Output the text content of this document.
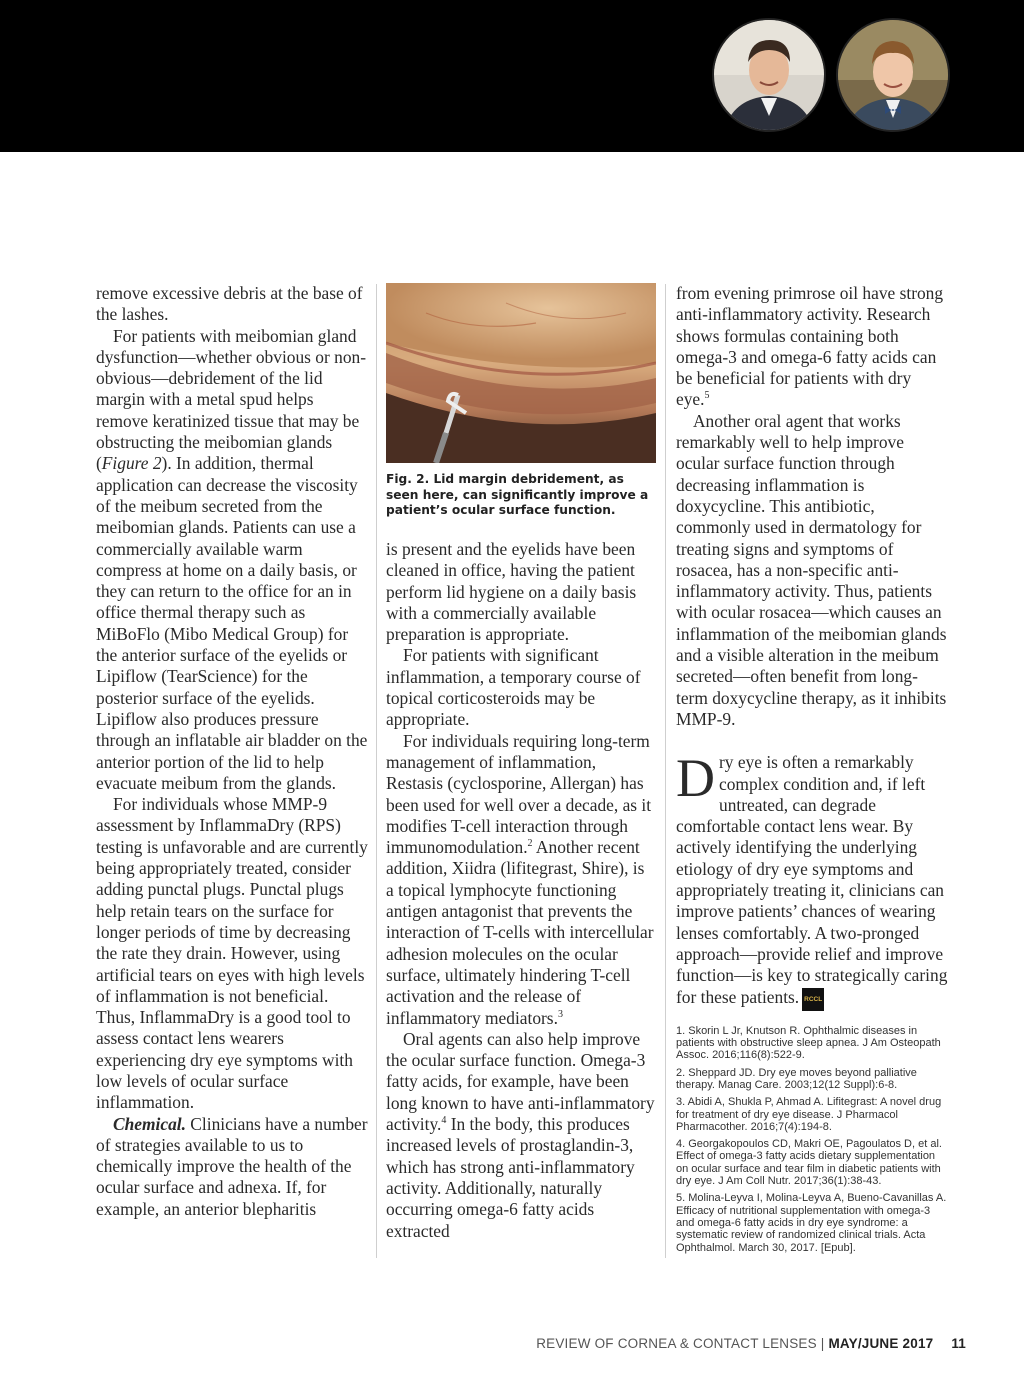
remove excessive debris at the base of the lashes.

For patients with meibomian gland dysfunction—whether obvious or non-obvious—debridement of the lid margin with a metal spud helps remove keratinized tissue that may be obstructing the meibomian glands (Figure 2). In addition, thermal application can decrease the viscosity of the meibum secreted from the meibomian glands. Patients can use a commercially available warm compress at home on a daily basis, or they can return to the office for an in office thermal therapy such as MiBoFlo (Mibo Medical Group) for the anterior surface of the eyelids or Lipiflow (TearScience) for the posterior surface of the eyelids. Lipiflow also produces pressure through an inflatable air bladder on the anterior portion of the lid to help evacuate meibum from the glands.

For individuals whose MMP-9 assessment by InflammaDry (RPS) testing is unfavorable and are currently being appropriately treated, consider adding punctal plugs. Punctal plugs help retain tears on the surface for longer periods of time by decreasing the rate they drain. However, using artificial tears on eyes with high levels of inflammation is not beneficial. Thus, InflammaDry is a good tool to assess contact lens wearers experiencing dry eye symptoms with low levels of ocular surface inflammation.

Chemical. Clinicians have a number of strategies available to us to chemically improve the health of the ocular surface and adnexa. If, for example, an anterior blepharitis

Fig. 2. Lid margin debridement, as seen here, can significantly improve a patient’s ocular surface function.

is present and the eyelids have been cleaned in office, having the patient perform lid hygiene on a daily basis with a commercially available preparation is appropriate.

For patients with significant inflammation, a temporary course of topical corticosteroids may be appropriate.

For individuals requiring long-term management of inflammation, Restasis (cyclosporine, Allergan) has been used for well over a decade, as it modifies T-cell interaction through immunomodulation.$^2$ Another recent addition, Xiidra (lifitegrast, Shire), is a topical lymphocyte functioning antigen antagonist that prevents the interaction of T-cells with intercellular adhesion molecules on the ocular surface, ultimately hindering T-cell activation and the release of inflammatory mediators.$^3$

Oral agents can also help improve the ocular surface function. Omega-3 fatty acids, for example, have been long known to have anti-inflammatory activity.$^4$ In the body, this produces increased levels of prostaglandin-3, which has strong anti-inflammatory activity. Additionally, naturally occurring omega-6 fatty acids extracted

from evening primrose oil have strong anti-inflammatory activity. Research shows formulas containing both omega-3 and omega-6 fatty acids can be beneficial for patients with dry eye.$^5$

Another oral agent that works remarkably well to help improve ocular surface function through decreasing inflammation is doxycycline. This antibiotic, commonly used in dermatology for treating signs and symptoms of rosacea, has a non-specific anti-inflammatory activity. Thus, patients with ocular rosacea—which causes an inflammation of the meibomian glands and a visible alteration in the meibum secreted—often benefit from long-term doxycycline therapy, as it inhibits MMP-9.

Dry eye is often a remarkably complex condition and, if left untreated, can degrade comfortable contact lens wear. By actively identifying the underlying etiology of dry eye symptoms and appropriately treating it, clinicians can improve patients’ chances of wearing lenses comfortably. A two-pronged approach—provide relief and improve function—is key to strategically caring for these patients. RCCL

1. Skorin L Jr, Knutson R. Ophthalmic diseases in patients with obstructive sleep apnea. J Am Osteopath Assoc. 2016;116(8):522-9.
2. Sheppard JD. Dry eye moves beyond palliative therapy. Manag Care. 2003;12(12 Suppl):6-8.
3. Abidi A, Shukla P, Ahmad A. Lifitegrast: A novel drug for treatment of dry eye disease. J Pharmacol Pharmacother. 2016;7(4):194-8.
4. Georgakopoulos CD, Makri OE, Pagoulatos D, et al. Effect of omega-3 fatty acids dietary supplementation on ocular surface and tear film in diabetic patients with dry eye. J Am Coll Nutr. 2017;36(1):38-43.
5. Molina-Leyva I, Molina-Leyva A, Bueno-Cavanillas A. Efficacy of nutritional supplementation with omega-3 and omega-6 fatty acids in dry eye syndrome: a systematic review of randomized clinical trials. Acta Ophthalmol. March 30, 2017. [Epub].
REVIEW OF CORNEA & CONTACT LENSES | MAY/JUNE 2017 11
